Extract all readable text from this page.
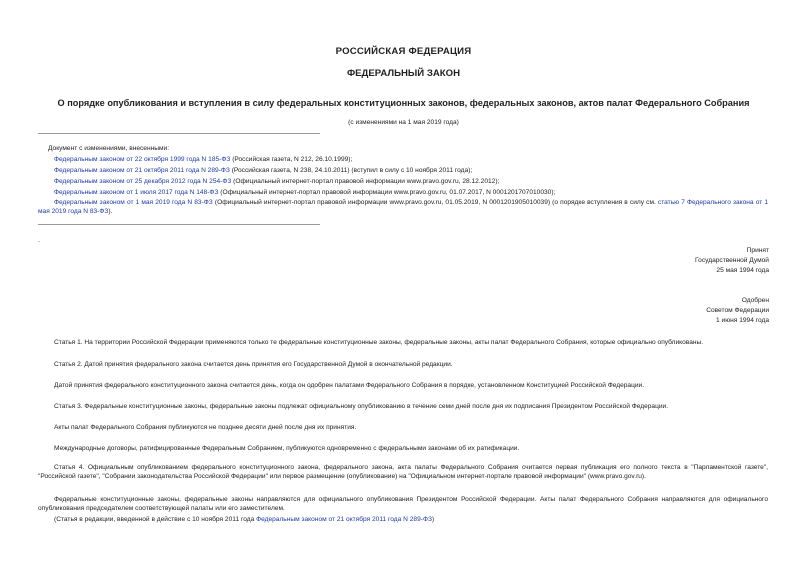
РОССИЙСКАЯ ФЕДЕРАЦИЯ
ФЕДЕРАЛЬНЫЙ ЗАКОН
О порядке опубликования и вступления в силу федеральных конституционных законов, федеральных законов, актов палат Федерального Собрания
(с изменениями на 1 мая 2019 года)
Документ с изменениями, внесенными:
Федеральным законом от 22 октября 1999 года N 185-ФЗ (Российская газета, N 212, 26.10.1999);
Федеральным законом от 21 октября 2011 года N 289-ФЗ (Российская газета, N 238, 24.10.2011) (вступил в силу с 10 ноября 2011 года);
Федеральным законом от 25 декабря 2012 года N 254-ФЗ (Официальный интернет-портал правовой информации www.pravo.gov.ru, 28.12.2012);
Федеральным законом от 1 июля 2017 года N 148-ФЗ (Официальный интернет-портал правовой информации www.pravo.gov.ru, 01.07.2017, N 0001201707010030);
Федеральным законом от 1 мая 2019 года N 83-ФЗ (Официальный интернет-портал правовой информации www.pravo.gov.ru, 01.05.2019, N 0001201905010039) (о порядке вступления в силу см. статью 7 Федерального закона от 1 мая 2019 года N 83-ФЗ).
.
Принят
Государственной Думой
25 мая 1994 года
Одобрен
Советом Федерации
1 июня 1994 года
Статья 1. На территории Российской Федерации применяются только те федеральные конституционные законы, федеральные законы, акты палат Федерального Собрания, которые официально опубликованы.
Статья 2. Датой принятия федерального закона считается день принятия его Государственной Думой в окончательной редакции.
Датой принятия федерального конституционного закона считается день, когда он одобрен палатами Федерального Собрания в порядке, установленном Конституцией Российской Федерации.
Статья 3. Федеральные конституционные законы, федеральные законы подлежат официальному опубликованию в течение семи дней после дня их подписания Президентом Российской Федерации.
Акты палат Федерального Собрания публикуются не позднее десяти дней после дня их принятия.
Международные договоры, ратифицированные Федеральным Собранием, публикуются одновременно с федеральными законами об их ратификации.
Статья 4. Официальным опубликованием федерального конституционного закона, федерального закона, акта палаты Федерального Собрания считается первая публикация его полного текста в "Парламентской газете", "Российской газете", "Собрании законодательства Российской Федерации" или первое размещение (опубликование) на "Официальном интернет-портале правовой информации" (www.pravo.gov.ru).
Федеральные конституционные законы, федеральные законы направляются для официального опубликования Президентом Российской Федерации. Акты палат Федерального Собрания направляются для официального опубликования председателем соответствующей палаты или его заместителем.
(Статья в редакции, введенной в действие с 10 ноября 2011 года Федеральным законом от 21 октября 2011 года N 289-ФЗ)
